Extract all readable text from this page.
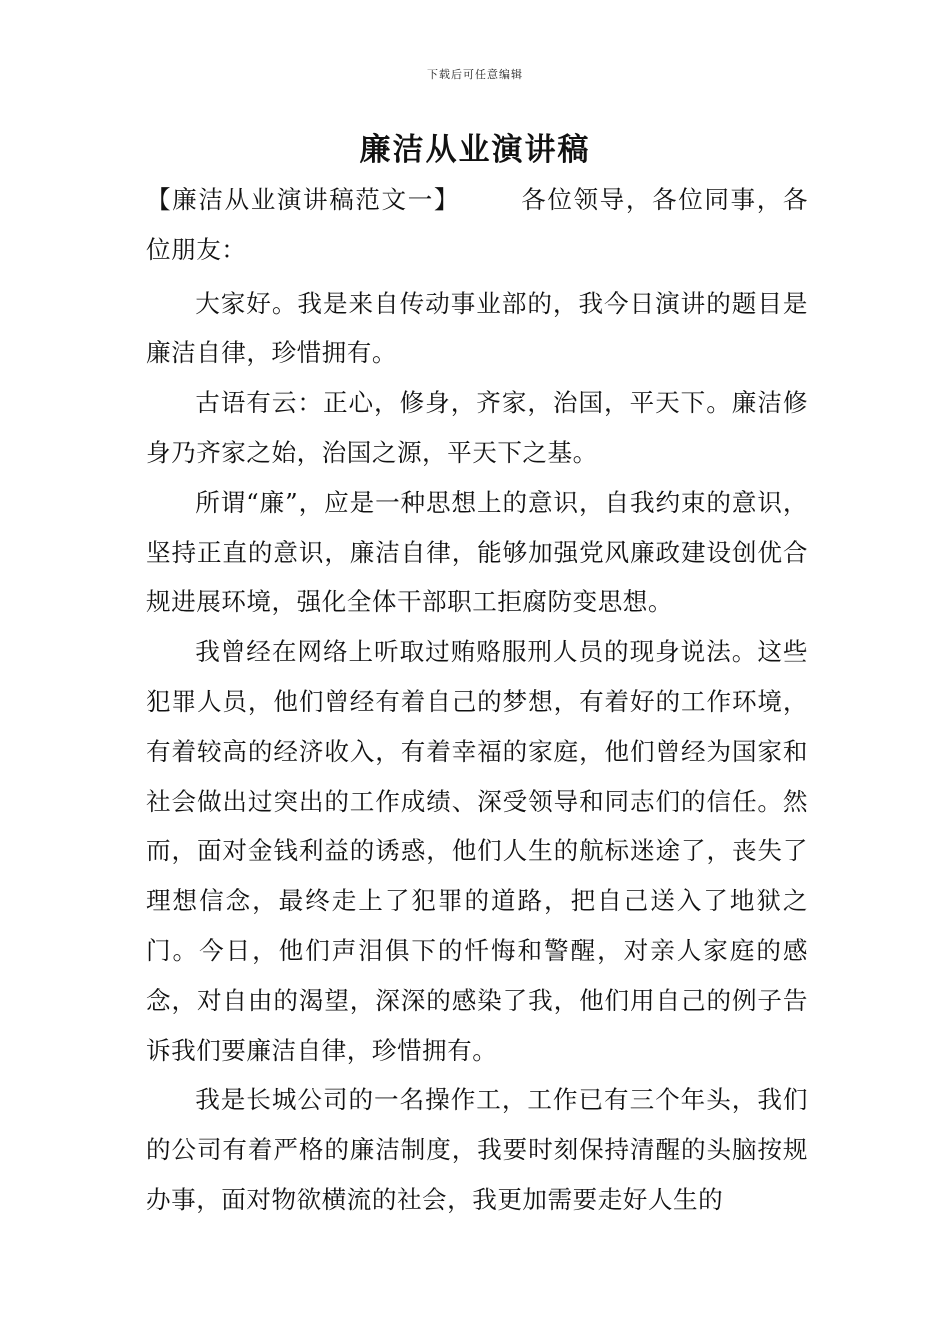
下载后可任意编辑
廉洁从业演讲稿

【廉洁从业演讲稿范文一】 各位领导，各位同事，各位朋友：

大家好。我是来自传动事业部的，我今日演讲的题目是廉洁自律，珍惜拥有。

古语有云：正心，修身，齐家，治国，平天下。廉洁修身乃齐家之始，治国之源，平天下之基。

所谓“廉”，应是一种思想上的意识，自我约束的意识，坚持正直的意识，廉洁自律，能够加强党风廉政建设创优合规进展环境，强化全体干部职工拒腐防变思想。

我曾经在网络上听取过贿赂服刑人员的现身说法。这些犯罪人员，他们曾经有着自己的梦想，有着好的工作环境，有着较高的经济收入，有着幸福的家庭，他们曾经为国家和社会做出过突出的工作成绩、深受领导和同志们的信任。然而，面对金钱利益的诱惑，他们人生的航标迷途了，丧失了理想信念，最终走上了犯罪的道路，把自己送入了地狱之门。今日，他们声泪俱下的忏悔和警醒，对亲人家庭的感念，对自由的渴望，深深的感染了我，他们用自己的例子告诉我们要廉洁自律，珍惜拥有。

我是长城公司的一名操作工，工作已有三个年头，我们的公司有着严格的廉洁制度，我要时刻保持清醒的头脑按规办事，面对物欲横流的社会，我更加需要走好人生的
